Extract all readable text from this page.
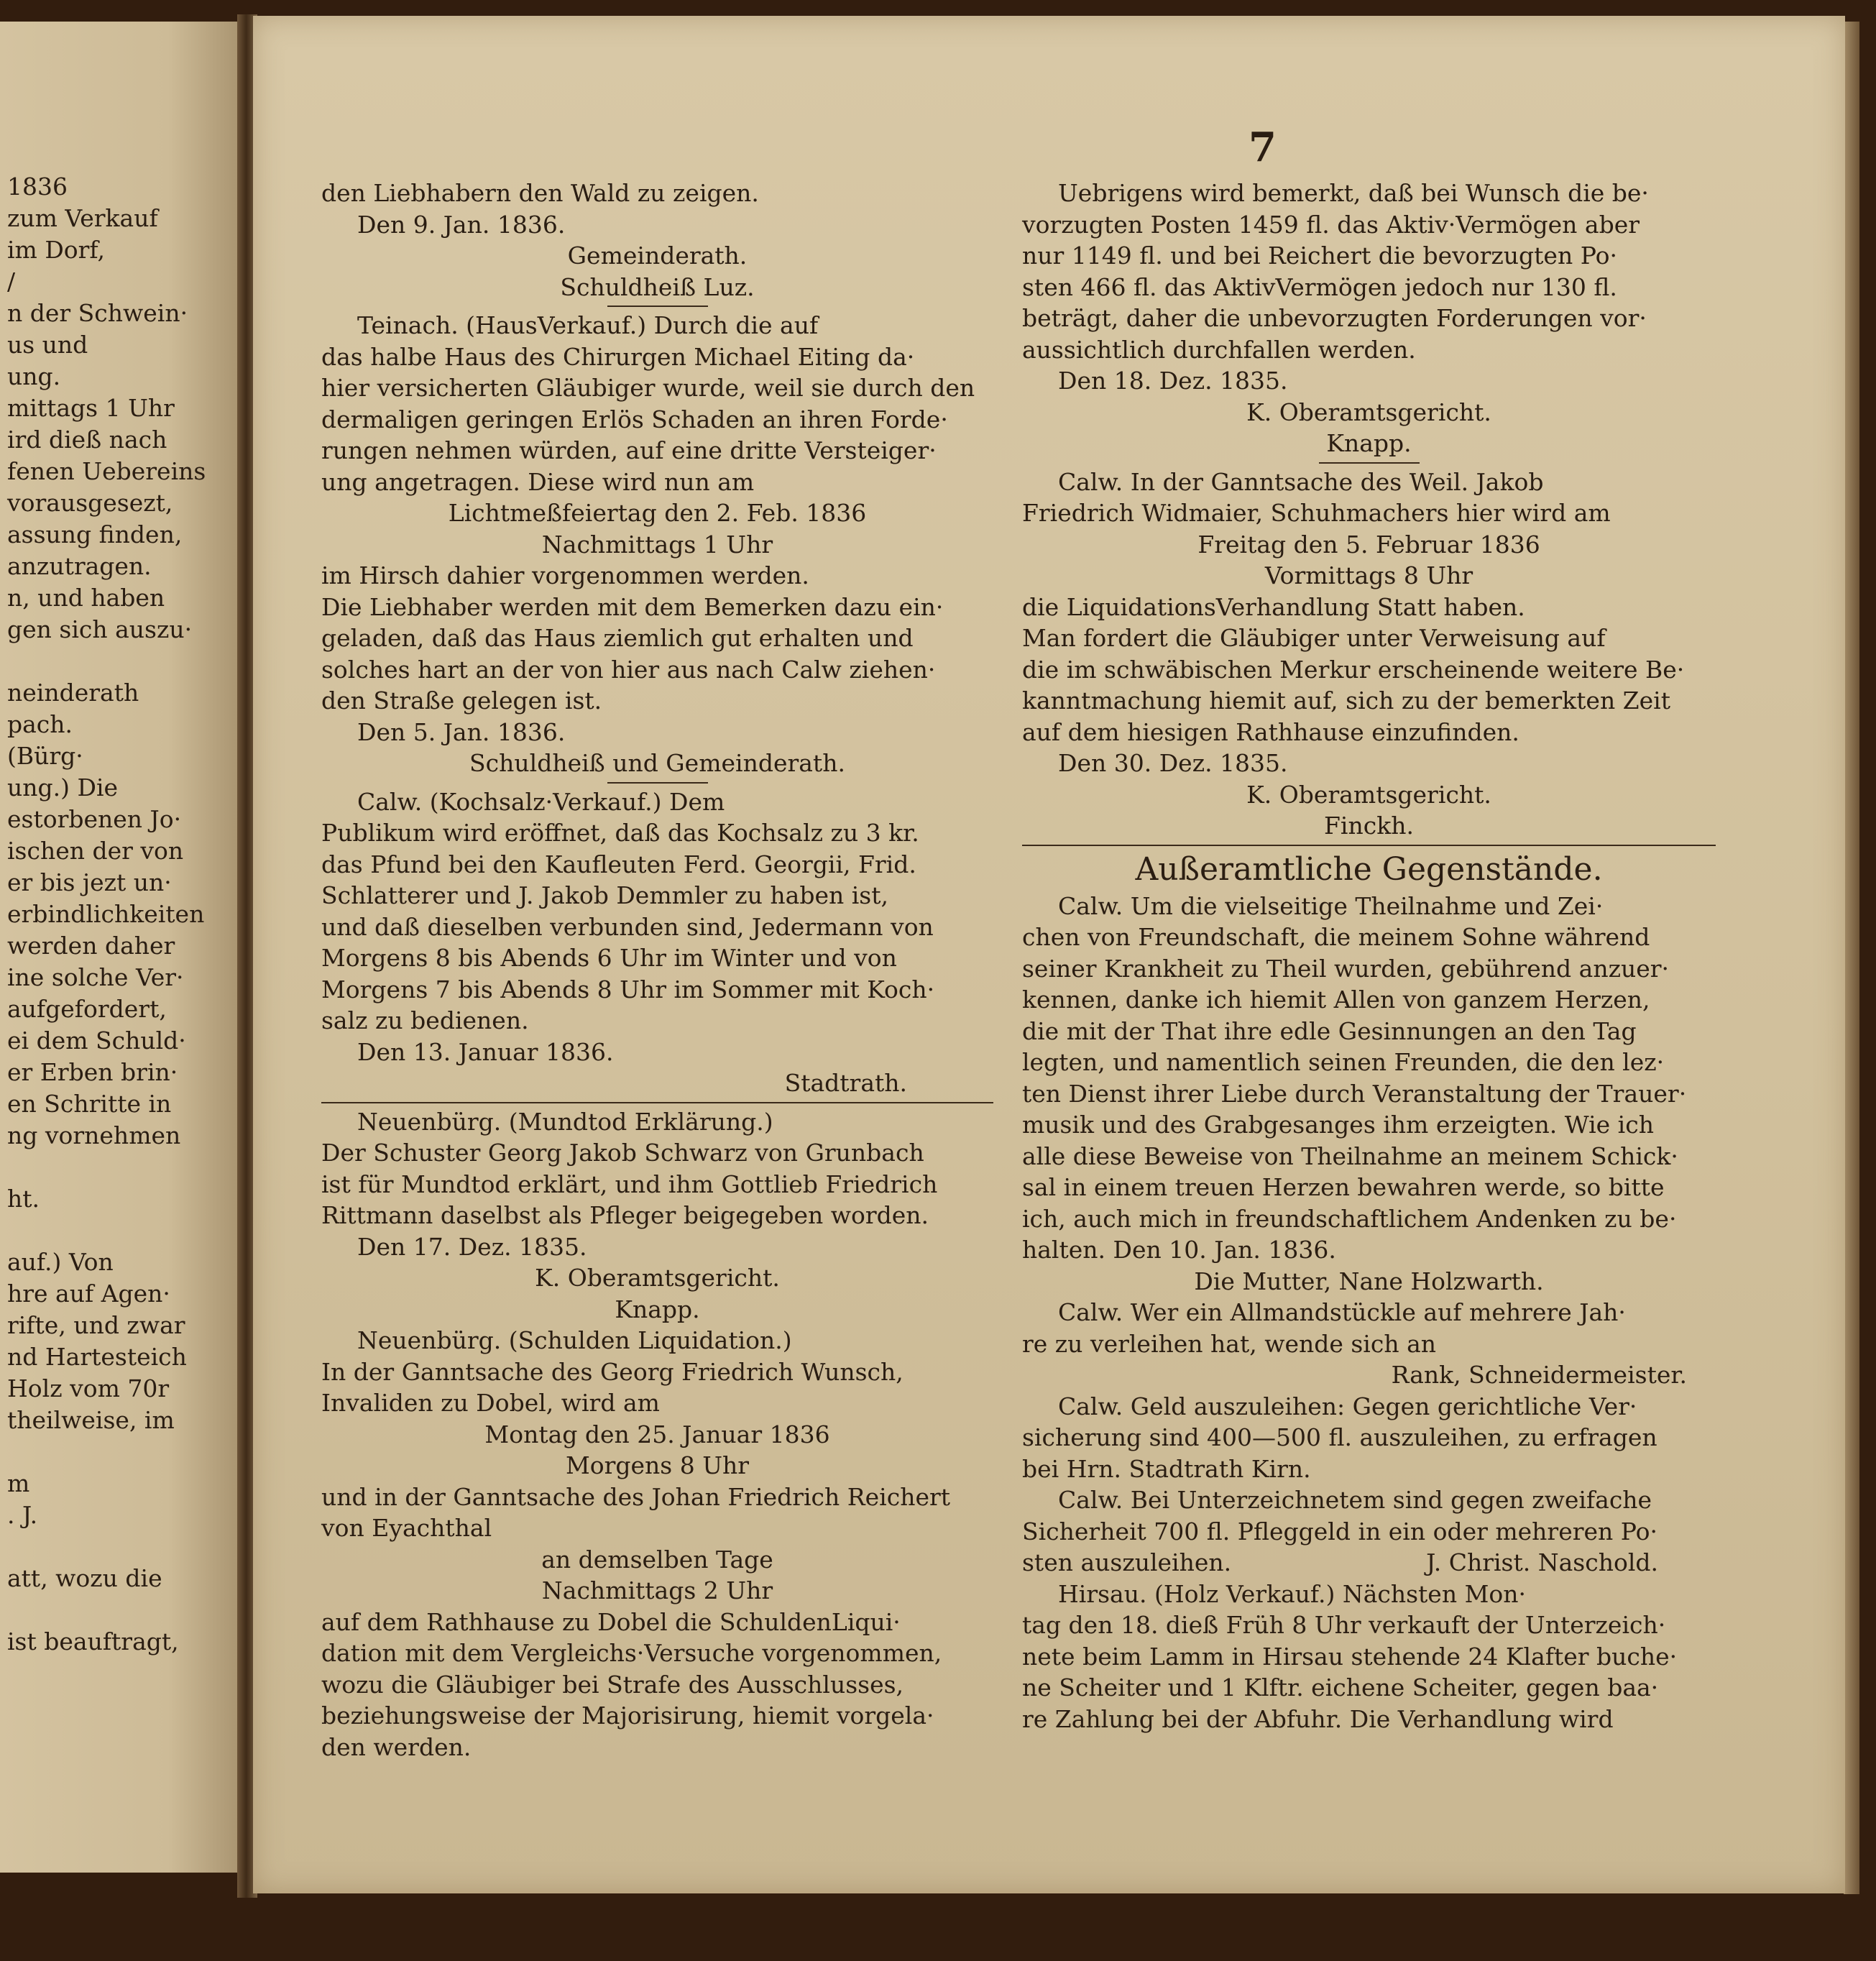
1836
zum Verkauf
im Dorf,
/
n der Schwein·
us und
ung.
mittags 1 Uhr
ird dieß nach
fenen Uebereins
vorausgesezt,
assung finden,
anzutragen.
n, und haben
gen sich auszu·
neinderath
pach.
(Bürg·
ung.) Die
estorbenen Jo·
ischen der von
er bis jezt un·
erbindlichkeiten
werden daher
ine solche Ver·
aufgefordert,
ei dem Schuld·
er Erben brin·
en Schritte in
ng vornehmen
ht.
auf.) Von
hre auf Agen·
rifte, und zwar
nd Hartesteich
Holz vom 70r
theilweise, im
m
. J.
att, wozu die
ist beauftragt,
7
den Liebhabern den Wald zu zeigen.
Den 9. Jan. 1836.
Gemeinderath.
Schuldheiß Luz.
Teinach. (HausVerkauf.) Durch die auf
das halbe Haus des Chirurgen Michael Eiting da·
hier versicherten Gläubiger wurde, weil sie durch den
dermaligen geringen Erlös Schaden an ihren Forde·
rungen nehmen würden, auf eine dritte Versteiger·
ung angetragen. Diese wird nun am
Lichtmeßfeiertag den 2. Feb. 1836
Nachmittags 1 Uhr
im Hirsch dahier vorgenommen werden.
Die Liebhaber werden mit dem Bemerken dazu ein·
geladen, daß das Haus ziemlich gut erhalten und
solches hart an der von hier aus nach Calw ziehen·
den Straße gelegen ist.
Den 5. Jan. 1836.
Schuldheiß und Gemeinderath.
Calw. (Kochsalz·Verkauf.) Dem
Publikum wird eröffnet, daß das Kochsalz zu 3 kr.
das Pfund bei den Kaufleuten Ferd. Georgii, Frid.
Schlatterer und J. Jakob Demmler zu haben ist,
und daß dieselben verbunden sind, Jedermann von
Morgens 8 bis Abends 6 Uhr im Winter und von
Morgens 7 bis Abends 8 Uhr im Sommer mit Koch·
salz zu bedienen.
Den 13. Januar 1836.
Stadtrath.
Neuenbürg. (Mundtod Erklärung.)
Der Schuster Georg Jakob Schwarz von Grunbach
ist für Mundtod erklärt, und ihm Gottlieb Friedrich
Rittmann daselbst als Pfleger beigegeben worden.
Den 17. Dez. 1835.
K. Oberamtsgericht.
Knapp.
Neuenbürg. (Schulden Liquidation.)
In der Ganntsache des Georg Friedrich Wunsch,
Invaliden zu Dobel, wird am
Montag den 25. Januar 1836
Morgens 8 Uhr
und in der Ganntsache des Johan Friedrich Reichert
von Eyachthal
an demselben Tage
Nachmittags 2 Uhr
auf dem Rathhause zu Dobel die SchuldenLiqui·
dation mit dem Vergleichs·Versuche vorgenommen,
wozu die Gläubiger bei Strafe des Ausschlusses,
beziehungsweise der Majorisirung, hiemit vorgela·
den werden.
Uebrigens wird bemerkt, daß bei Wunsch die be·
vorzugten Posten 1459 fl. das Aktiv·Vermögen aber
nur 1149 fl. und bei Reichert die bevorzugten Po·
sten 466 fl. das AktivVermögen jedoch nur 130 fl.
beträgt, daher die unbevorzugten Forderungen vor·
aussichtlich durchfallen werden.
Den 18. Dez. 1835.
K. Oberamtsgericht.
Knapp.
Calw. In der Ganntsache des Weil. Jakob
Friedrich Widmaier, Schuhmachers hier wird am
Freitag den 5. Februar 1836
Vormittags 8 Uhr
die LiquidationsVerhandlung Statt haben.
Man fordert die Gläubiger unter Verweisung auf
die im schwäbischen Merkur erscheinende weitere Be·
kanntmachung hiemit auf, sich zu der bemerkten Zeit
auf dem hiesigen Rathhause einzufinden.
Den 30. Dez. 1835.
K. Oberamtsgericht.
Finckh.
Außeramtliche Gegenstände.
Calw. Um die vielseitige Theilnahme und Zei·
chen von Freundschaft, die meinem Sohne während
seiner Krankheit zu Theil wurden, gebührend anzuer·
kennen, danke ich hiemit Allen von ganzem Herzen,
die mit der That ihre edle Gesinnungen an den Tag
legten, und namentlich seinen Freunden, die den lez·
ten Dienst ihrer Liebe durch Veranstaltung der Trauer·
musik und des Grabgesanges ihm erzeigten. Wie ich
alle diese Beweise von Theilnahme an meinem Schick·
sal in einem treuen Herzen bewahren werde, so bitte
ich, auch mich in freundschaftlichem Andenken zu be·
halten. Den 10. Jan. 1836.
Die Mutter, Nane Holzwarth.
Calw. Wer ein Allmandstückle auf mehrere Jah·
re zu verleihen hat, wende sich an
Rank, Schneidermeister.
Calw. Geld auszuleihen: Gegen gerichtliche Ver·
sicherung sind 400—500 fl. auszuleihen, zu erfragen
bei Hrn. Stadtrath Kirn.
Calw. Bei Unterzeichnetem sind gegen zweifache
Sicherheit 700 fl. Pfleggeld in ein oder mehreren Po·
sten auszuleihen.	J. Christ. Naschold.
Hirsau. (Holz Verkauf.) Nächsten Mon·
tag den 18. dieß Früh 8 Uhr verkauft der Unterzeich·
nete beim Lamm in Hirsau stehende 24 Klafter buche·
ne Scheiter und 1 Klftr. eichene Scheiter, gegen baa·
re Zahlung bei der Abfuhr. Die Verhandlung wird
